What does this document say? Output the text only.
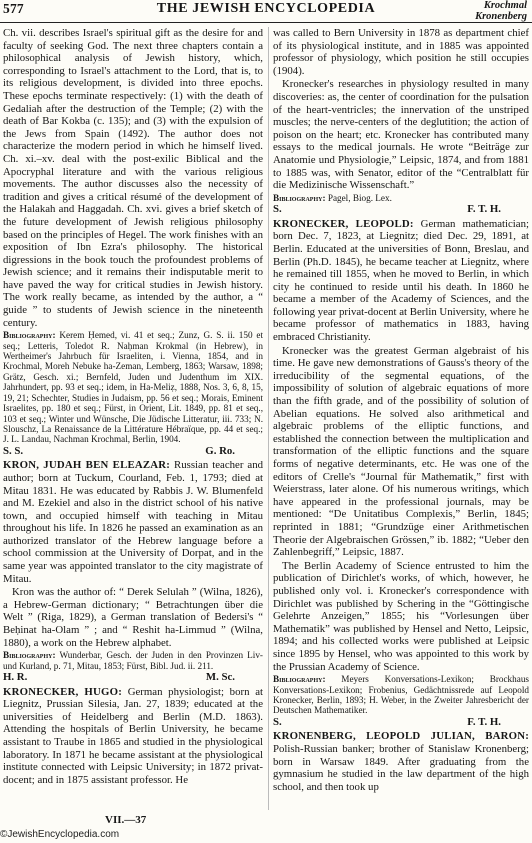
577	THE JEWISH ENCYCLOPEDIA	Krochmal
Kronenberg

Ch. vii. describes Israel's spiritual gift as the desire for and faculty of seeking God. The next three chapters contain a philosophical analysis of Jewish history, which, corresponding to Israel's attachment to the Lord, that is, to its religious development, is divided into three epochs. These epochs terminate respectively: (1) with the death of Gedaliah after the destruction of the Temple; (2) with the death of Bar Kokba (c. 135); and (3) with the expulsion of the Jews from Spain (1492). The author does not characterize the modern period in which he himself lived. Ch. xi.–xv. deal with the post-exilic Biblical and the Apocryphal literature and with the various religious movements. The author discusses also the necessity of tradition and gives a critical résumé of the development of the Halakah and Haggadah. Ch. xvi. gives a brief sketch of the future development of Jewish religious philosophy based on the principles of Hegel. The work finishes with an exposition of Ibn Ezra's philosophy. The historical digressions in the book touch the profoundest problems of Jewish science; and it remains their indisputable merit to have paved the way for critical studies in Jewish history. The work really became, as intended by the author, a “ guide ” to students of Jewish science in the nineteenth century.

Bibliography: Kerem Ḥemed, vi. 41 et seq.; Zunz, G. S. ii. 150 et seq.; Letteris, Toledot R. Naḥman Krokmal (in Hebrew), in Wertheimer's Jahrbuch für Israeliten, i. Vienna, 1854, and in Krochmal, Moreh Nebuke ha-Zeman, Lemberg, 1863; Warsaw, 1898; Grätz, Gesch. xi.; Bernfeld, Juden und Judenthum im XIX. Jahrhundert, pp. 93 et seq.; idem, in Ha-Meliẓ, 1888, Nos. 3, 6, 8, 15, 19, 21; Schechter, Studies in Judaism, pp. 56 et seq.; Morais, Eminent Israelites, pp. 180 et seq.; Fürst, in Orient, Lit. 1849, pp. 81 et seq., 103 et seq.; Winter und Wünsche, Die Jüdische Litteratur, iii. 733; N. Slouschz, La Renaissance de la Littérature Hébraïque, pp. 44 et seq.; J. L. Landau, Nachman Krochmal, Berlin, 1904.

S. S.	G. Ro.

KRON, JUDAH BEN ELEAZAR: Russian teacher and author; born at Tuckum, Courland, Feb. 1, 1793; died at Mitau 1831. He was educated by Rabbis J. W. Blumenfeld and M. Ezekiel and also in the district school of his native town, and occupied himself with teaching in Mitau throughout his life. In 1826 he passed an examination as an authorized translator of the Hebrew language before a school commission at the University of Dorpat, and in the same year was appointed translator to the city magistrate of Mitau.

Kron was the author of: “ Derek Selulah ” (Wilna, 1826), a Hebrew-German dictionary; “ Betrachtungen über die Welt ” (Riga, 1829), a German translation of Bedersi's “ Beḥinat ha-Olam ” ; and “ Reshit ha-Limmud ” (Wilna, 1880), a work on the Hebrew alphabet.

Bibliography: Wunderbar, Gesch. der Juden in den Provinzen Liv- und Kurland, p. 71, Mitau, 1853; Fürst, Bibl. Jud. ii. 211.

H. R.	M. Sc.

KRONECKER, HUGO: German physiologist; born at Liegnitz, Prussian Silesia, Jan. 27, 1839; educated at the universities of Heidelberg and Berlin (M.D. 1863). Attending the hospitals of Berlin University, he became assistant to Traube in 1865 and studied in the physiological laboratory. In 1871 he became assistant at the physiological institute connected with Leipsic University; in 1872 privat-docent; and in 1875 assistant professor. He

was called to Bern University in 1878 as department chief of its physiological institute, and in 1885 was appointed professor of physiology, which position he still occupies (1904).

Kronecker's researches in physiology resulted in many discoveries: as, the center of coordination for the pulsation of the heart-ventricles; the innervation of the unstriped muscles; the nerve-centers of the deglutition; the action of poison on the heart; etc. Kronecker has contributed many essays to the medical journals. He wrote “Beiträge zur Anatomie und Physiologie,” Leipsic, 1874, and from 1881 to 1885 was, with Senator, editor of the “Centralblatt für die Medizinische Wissenschaft.”

Bibliography: Pagel, Biog. Lex.

S.	F. T. H.

KRONECKER, LEOPOLD: German mathematician; born Dec. 7, 1823, at Liegnitz; died Dec. 29, 1891, at Berlin. Educated at the universities of Bonn, Breslau, and Berlin (Ph.D. 1845), he became teacher at Liegnitz, where he remained till 1855, when he moved to Berlin, in which city he continued to reside until his death. In 1860 he became a member of the Academy of Sciences, and the following year privat-docent at Berlin University, where he became professor of mathematics in 1883, having embraced Christianity.

Kronecker was the greatest German algebraist of his time. He gave new demonstrations of Gauss's theory of the irreducibility of the segmental equations, of the impossibility of solution of algebraic equations of more than the fifth grade, and of the possibility of solution of Abelian equations. He solved also arithmetical and algebraic problems of the elliptic functions, and established the connection between the multiplication and transformation of the elliptic functions and the square forms of negative determinants, etc. He was one of the editors of Crelle's “Journal für Mathematik,” first with Weierstrass, later alone. Of his numerous writings, which have appeared in the professional journals, may be mentioned: “De Unitatibus Complexis,” Berlin, 1845; reprinted in 1881; “Grundzüge einer Arithmetischen Theorie der Algebraischen Grössen,” ib. 1882; “Ueber den Zahlenbegriff,” Leipsic, 1887.

The Berlin Academy of Science entrusted to him the publication of Dirichlet's works, of which, however, he published only vol. i. Kronecker's correspondence with Dirichlet was published by Schering in the “Göttingische Gelehrte Anzeigen,” 1855; his “Vorlesungen über Mathematik” was published by Hensel and Netto, Leipsic, 1894; and his collected works were published at Leipsic since 1895 by Hensel, who was appointed to this work by the Prussian Academy of Science.

Bibliography: Meyers Konversations-Lexikon; Brockhaus Konversations-Lexikon; Frobenius, Gedächtnissrede auf Leopold Kronecker, Berlin, 1893; H. Weber, in the Zweiter Jahresbericht der Deutschen Mathematiker.

S.	F. T. H.

KRONENBERG, LEOPOLD JULIAN, BARON: Polish-Russian banker; brother of Stanislaw Kronenberg; born in Warsaw 1849. After graduating from the gymnasium he studied in the law department of the high school, and then took up

VII.—37
©JewishEncyclopedia.com
